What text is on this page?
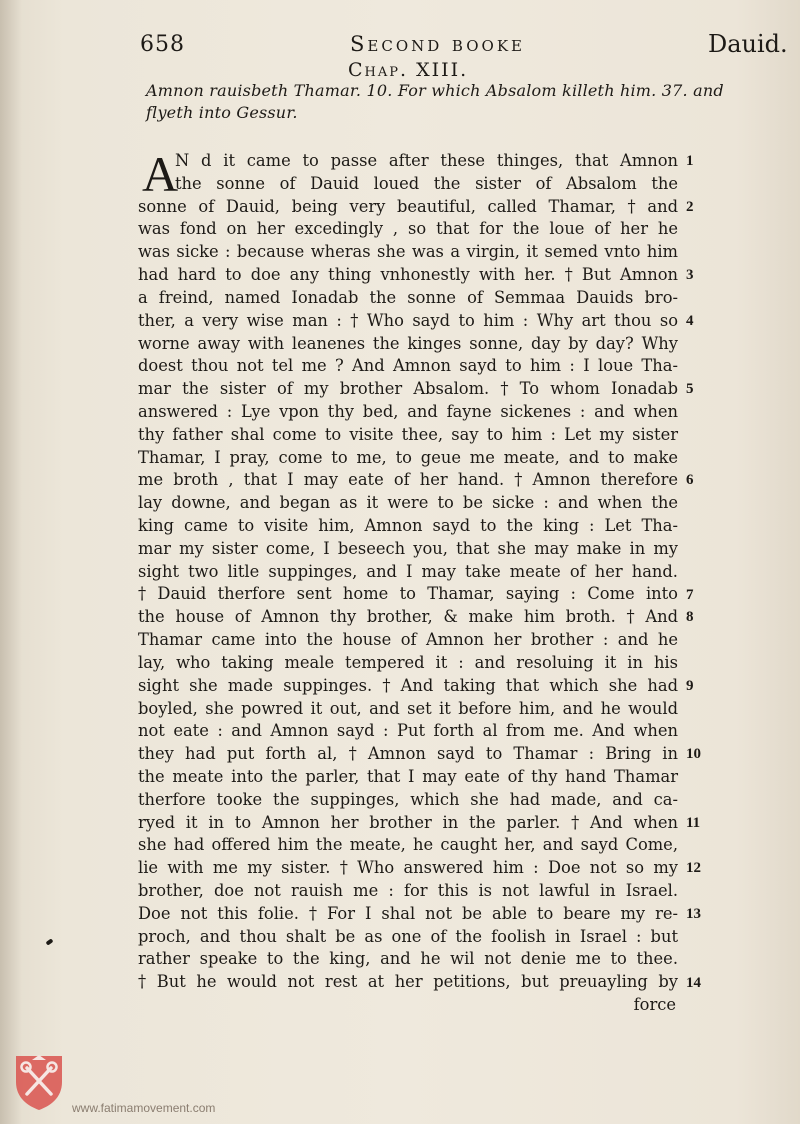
658	Second booke
Chap. XIII.
Dauid.
Amnon rauisbeth Thamar. 10. For which Absalom killeth him. 37. and flyeth into Gessur.
A
N d it came to passe after these thinges, that Amnon
the sonne of Dauid loued the sister of Absalom the
sonne of Dauid, being very beautiful, called Thamar, † and
was fond on her excedingly , so that for the loue of her he
was sicke : because wheras she was a virgin, it semed vnto him
had hard to doe any thing vnhonestly with her. † But Amnon
a freind, named Ionadab the sonne of Semmaa Dauids bro-
ther, a very wise man : † Who sayd to him : Why art thou so
worne away with leanenes the kinges sonne, day by day? Why
doest thou not tel me ? And Amnon sayd to him : I loue Tha-
mar the sister of my brother Absalom. † To whom Ionadab
answered : Lye vpon thy bed, and fayne sickenes : and when
thy father shal come to visite thee, say to him : Let my sister
Thamar, I pray, come to me, to geue me meate, and to make
me broth , that I may eate of her hand. † Amnon therefore
lay downe, and began as it were to be sicke : and when the
king came to visite him, Amnon sayd to the king : Let Tha-
mar my sister come, I beseech you, that she may make in my
sight two litle suppinges, and I may take meate of her hand.
† Dauid therfore sent home to Thamar, saying : Come into
the house of Amnon thy brother, & make him broth. † And
Thamar came into the house of Amnon her brother : and he
lay, who taking meale tempered it : and resoluing it in his
sight she made suppinges. † And taking that which she had
boyled, she powred it out, and set it before him, and he would
not eate : and Amnon sayd : Put forth al from me. And when
they had put forth al, † Amnon sayd to Thamar : Bring in
the meate into the parler, that I may eate of thy hand Thamar
therfore tooke the suppinges, which she had made, and ca-
ryed it in to Amnon her brother in the parler. † And when
she had offered him the meate, he caught her, and sayd Come,
lie with me my sister. † Who answered him : Doe not so my
brother, doe not rauish me : for this is not lawful in Israel.
Doe not this folie. † For I shal not be able to beare my re-
proch, and thou shalt be as one of the foolish in Israel : but
rather speake to the king, and he wil not denie me to thee.
† But he would not rest at her petitions, but preuayling by
force
1
2
3
4
5
6
7
8
9
10
11
12
13
14
www.fatimamovement.com
